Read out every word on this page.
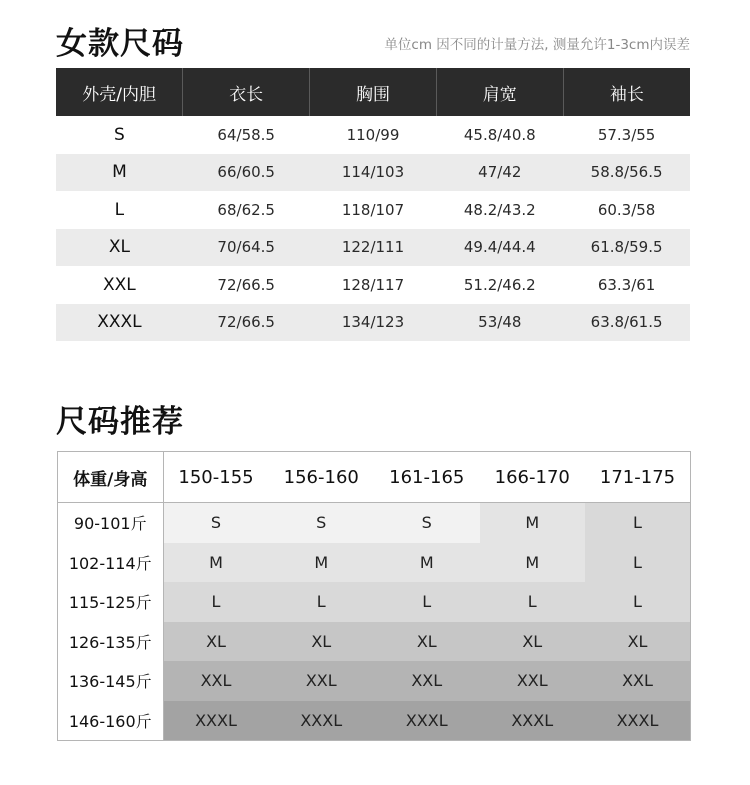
女款尺码	单位cm 因不同的计量方法, 测量允许1-3cm内误差
外壳/内胆	衣长	胸围	肩宽	袖长
S	64/58.5	110/99	45.8/40.8	57.3/55
M	66/60.5	114/103	47/42	58.8/56.5
L	68/62.5	118/107	48.2/43.2	60.3/58
XL	70/64.5	122/111	49.4/44.4	61.8/59.5
XXL	72/66.5	128/117	51.2/46.2	63.3/61
XXXL	72/66.5	134/123	53/48	63.8/61.5
尺码推荐
体重/身高	150-155	156-160	161-165	166-170	171-175
90-101斤	S	S	S	M	L
102-114斤	M	M	M	M	L
115-125斤	L	L	L	L	L
126-135斤	XL	XL	XL	XL	XL
136-145斤	XXL	XXL	XXL	XXL	XXL
146-160斤	XXXL	XXXL	XXXL	XXXL	XXXL
